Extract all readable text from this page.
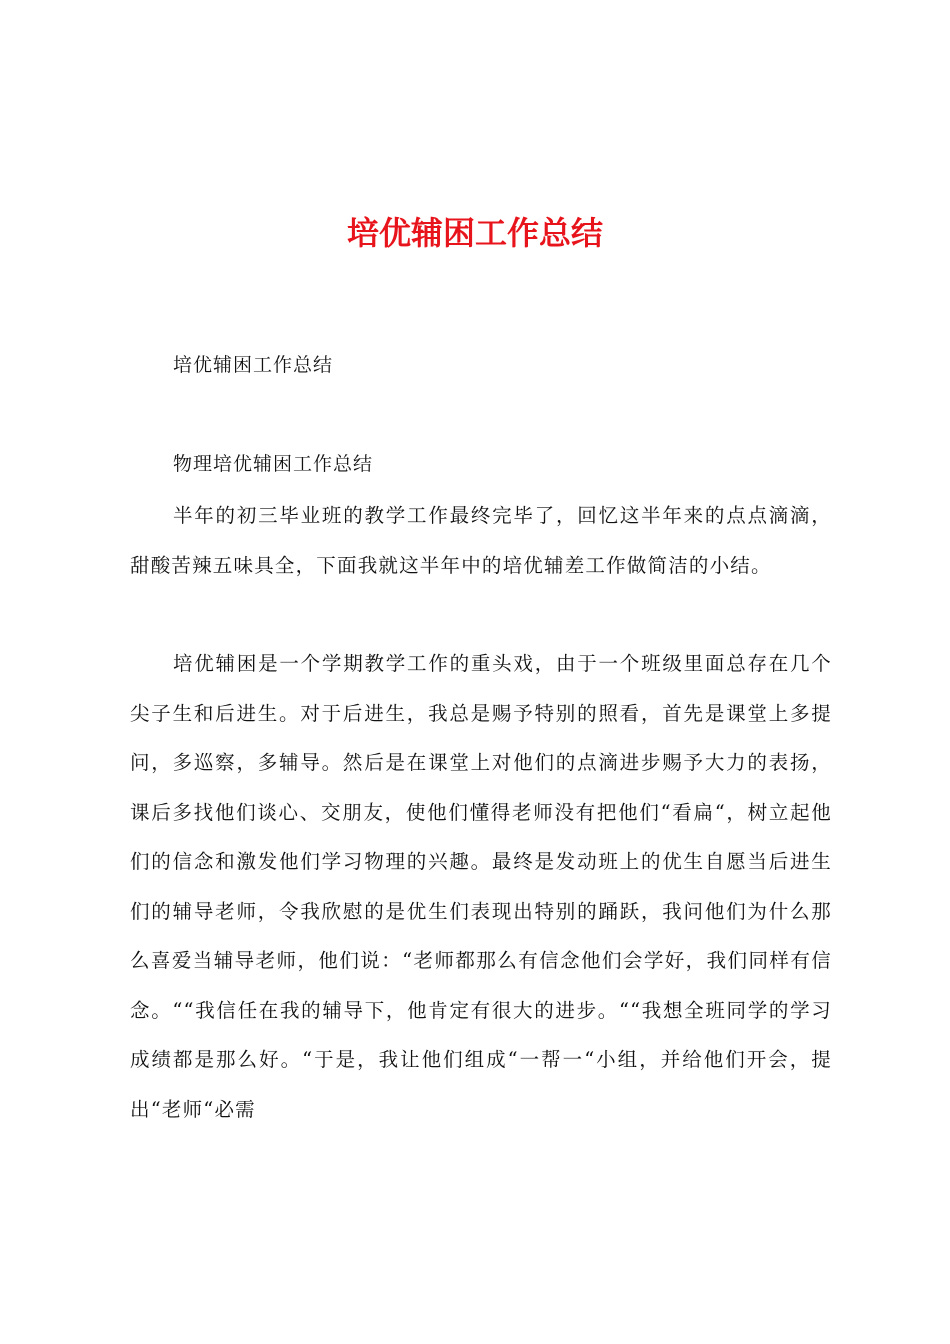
培优辅困工作总结
培优辅困工作总结
物理培优辅困工作总结

半年的初三毕业班的教学工作最终完毕了，回忆这半年来的点点滴滴，甜酸苦辣五味具全，下面我就这半年中的培优辅差工作做简洁的小结。

培优辅困是一个学期教学工作的重头戏，由于一个班级里面总存在几个尖子生和后进生。对于后进生，我总是赐予特别的照看，首先是课堂上多提问，多巡察，多辅导。然后是在课堂上对他们的点滴进步赐予大力的表扬，课后多找他们谈心、交朋友，使他们懂得老师没有把他们“看扁“，树立起他们的信念和激发他们学习物理的兴趣。最终是发动班上的优生自愿当后进生们的辅导老师，令我欣慰的是优生们表现出特别的踊跃，我问他们为什么那么喜爱当辅导老师，他们说：“老师都那么有信念他们会学好，我们同样有信念。““我信任在我的辅导下，他肯定有很大的进步。““我想全班同学的学习成绩都是那么好。“于是，我让他们组成“一帮一“小组，并给他们开会，提出“老师“必需
